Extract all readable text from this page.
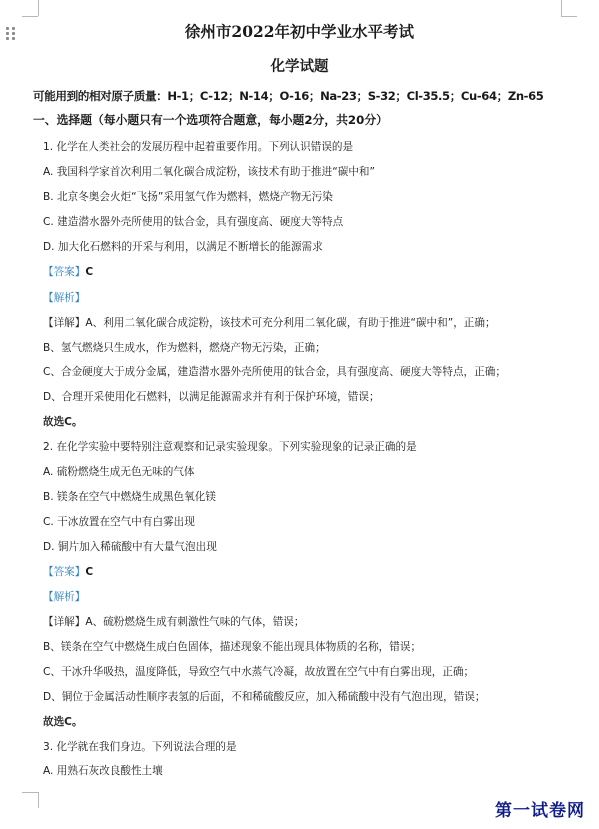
徐州市2022年初中学业水平考试
化学试题
可能用到的相对原子质量：H-1；C-12；N-14；O-16；Na-23；S-32；Cl-35.5；Cu-64；Zn-65
一、选择题（每小题只有一个选项符合题意，每小题2分，共20分）
1. 化学在人类社会的发展历程中起着重要作用。下列认识错误的是
A. 我国科学家首次利用二氧化碳合成淀粉，该技术有助于推进“碳中和”
B. 北京冬奥会火炬“飞扬”采用氢气作为燃料，燃烧产物无污染
C. 建造潜水器外壳所使用的钛合金，具有强度高、硬度大等特点
D. 加大化石燃料的开采与利用，以满足不断增长的能源需求
【答案】C
【解析】
【详解】A、利用二氧化碳合成淀粉，该技术可充分利用二氧化碳，有助于推进“碳中和”，正确；
B、氢气燃烧只生成水，作为燃料，燃烧产物无污染，正确；
C、合金硬度大于成分金属，建造潜水器外壳所使用的钛合金，具有强度高、硬度大等特点，正确；
D、合理开采使用化石燃料，以满足能源需求并有利于保护环境，错误；
故选C。
2. 在化学实验中要特别注意观察和记录实验现象。下列实验现象的记录正确的是
A. 硫粉燃烧生成无色无味的气体
B. 镁条在空气中燃烧生成黑色氧化镁
C. 干冰放置在空气中有白雾出现
D. 铜片加入稀硫酸中有大量气泡出现
【答案】C
【解析】
【详解】A、硫粉燃烧生成有刺激性气味的气体，错误；
B、镁条在空气中燃烧生成白色固体，描述现象不能出现具体物质的名称，错误；
C、干冰升华吸热，温度降低，导致空气中水蒸气冷凝，故放置在空气中有白雾出现，正确；
D、铜位于金属活动性顺序表氢的后面，不和稀硫酸反应，加入稀硫酸中没有气泡出现，错误；
故选C。
3. 化学就在我们身边。下列说法合理的是
A. 用熟石灰改良酸性土壤
第一试卷网
